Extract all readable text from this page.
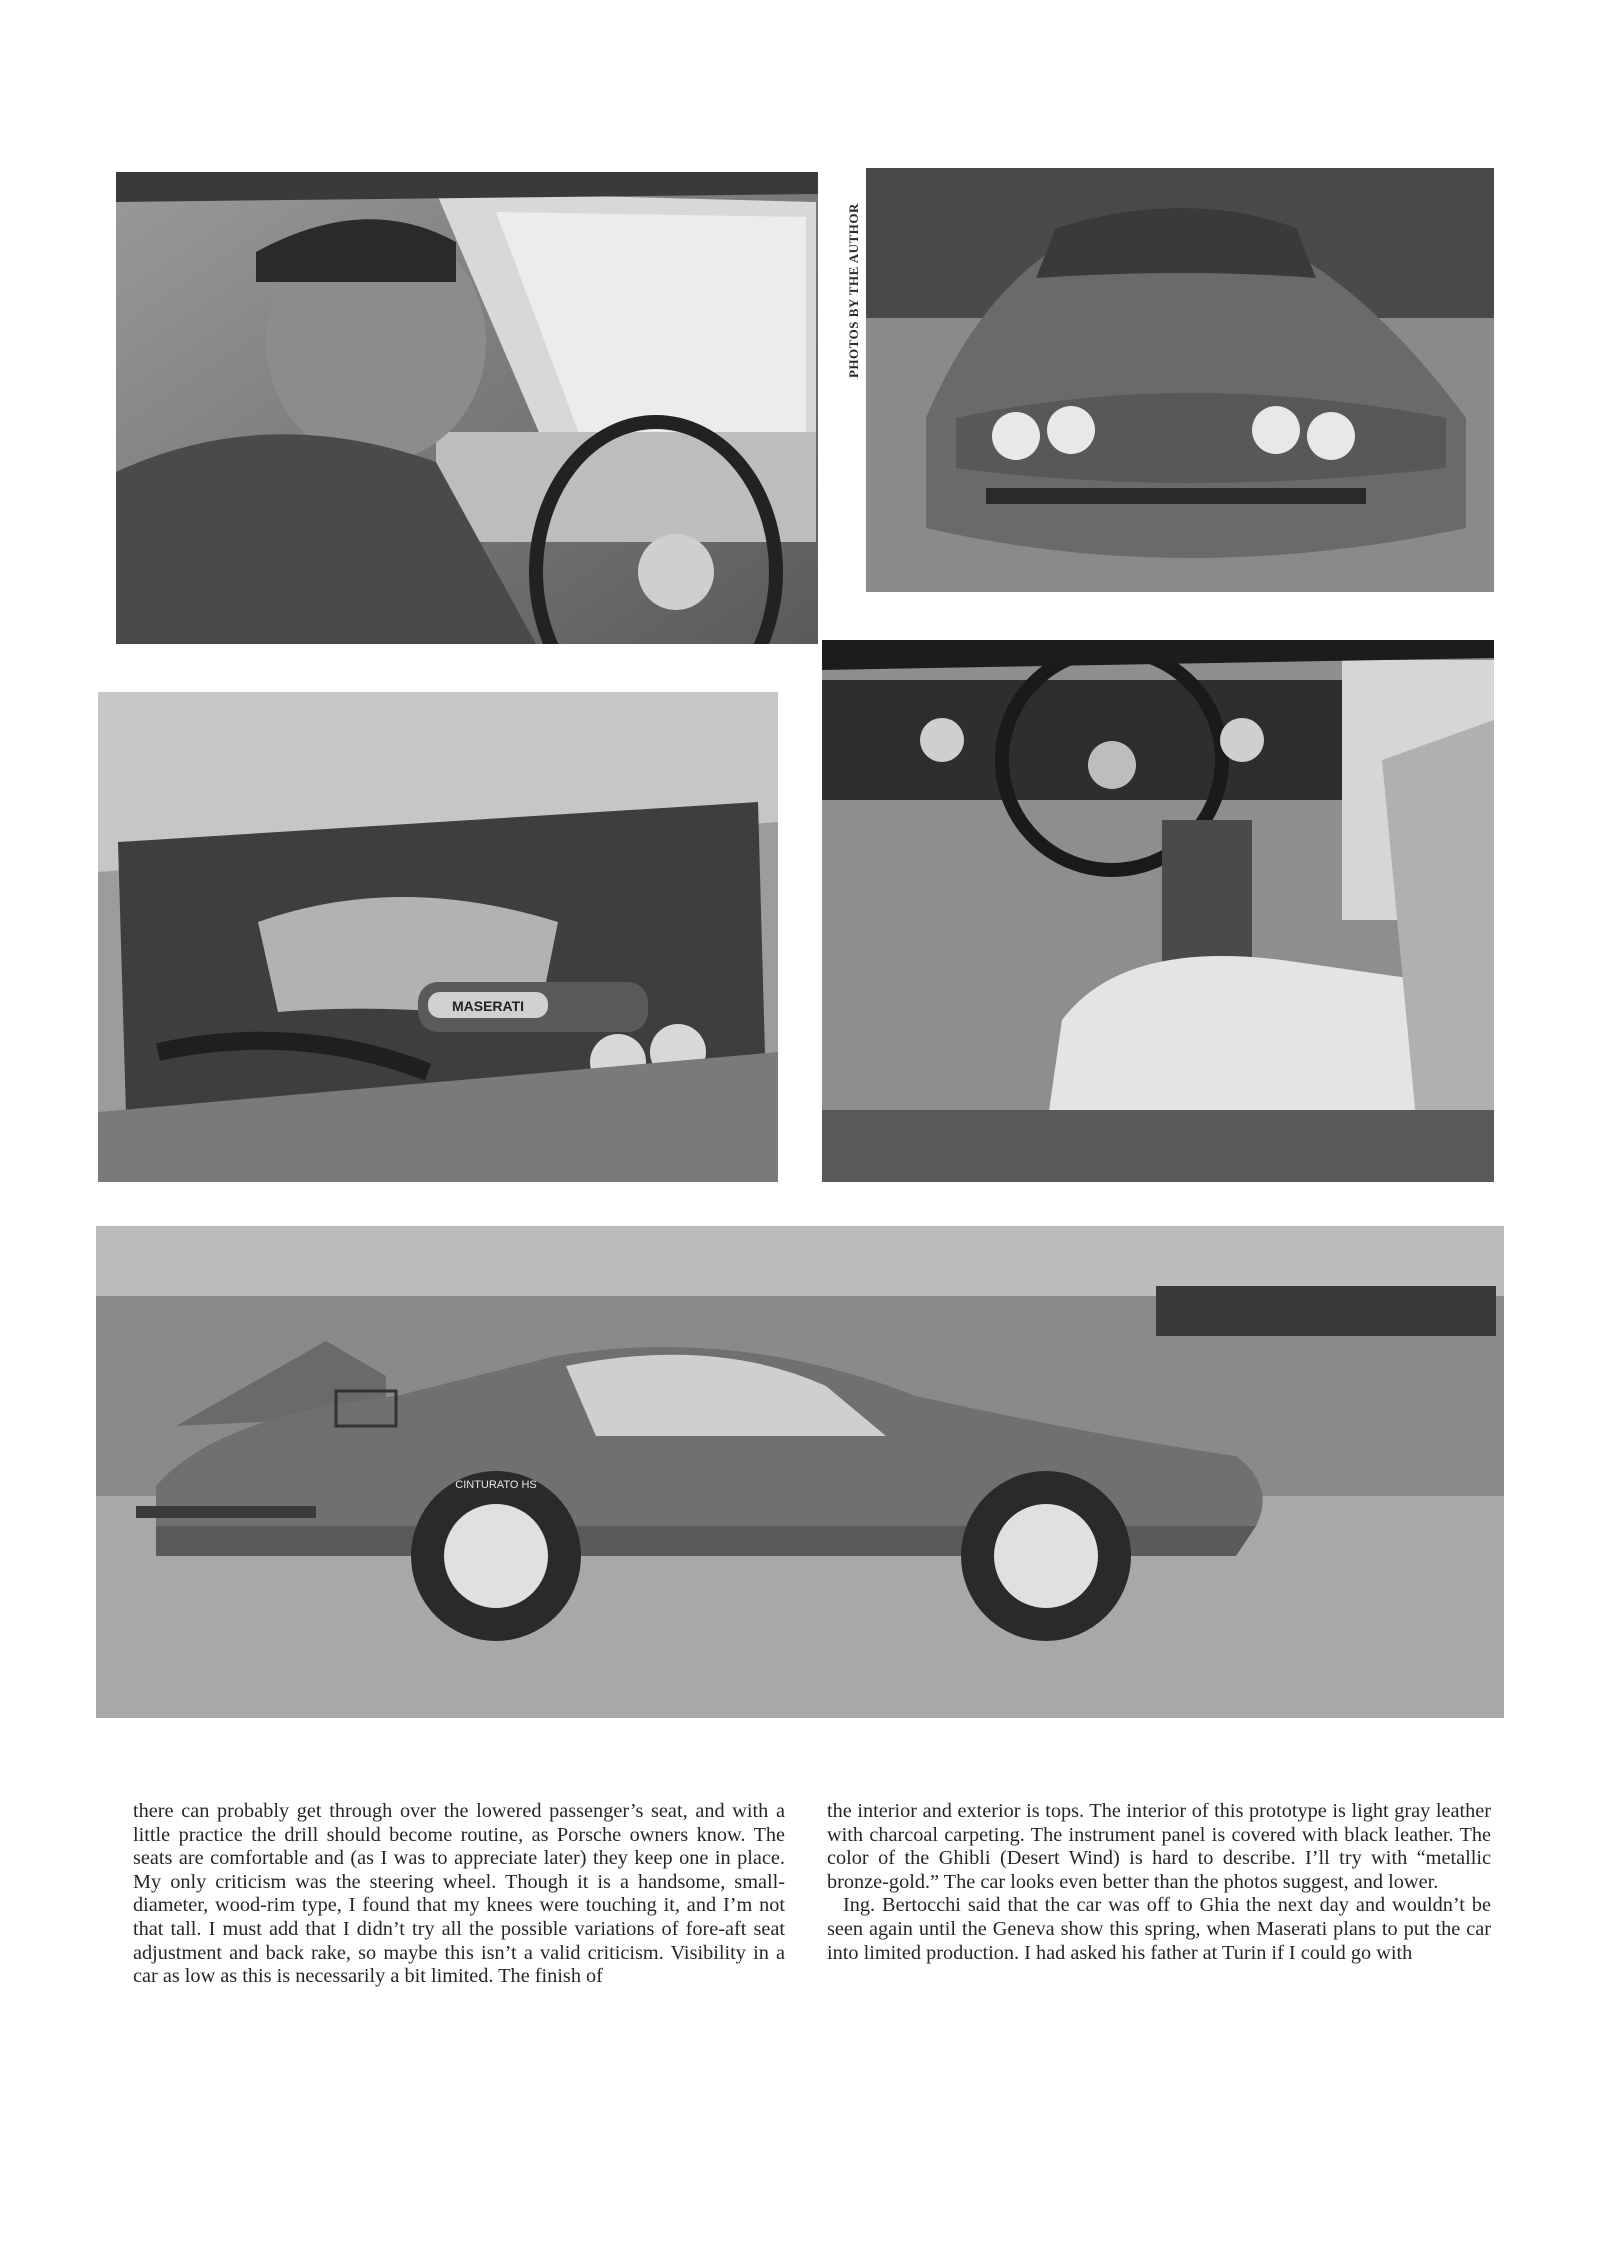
PHOTOS BY THE AUTHOR
MASERATI
CINTURATO HS

there can probably get through over the lowered passenger’s seat, and with a little practice the drill should become routine, as Porsche owners know. The seats are comfortable and (as I was to appreciate later) they keep one in place. My only criticism was the steering wheel. Though it is a handsome, small-diameter, wood-rim type, I found that my knees were touching it, and I’m not that tall. I must add that I didn’t try all the possible variations of fore-aft seat adjustment and back rake, so maybe this isn’t a valid criticism. Visibility in a car as low as this is necessarily a bit limited. The finish of

the interior and exterior is tops. The interior of this prototype is light gray leather with charcoal carpeting. The instrument panel is covered with black leather. The color of the Ghibli (Desert Wind) is hard to describe. I’ll try with “metallic bronze-gold.” The car looks even better than the photos suggest, and lower.

Ing. Bertocchi said that the car was off to Ghia the next day and wouldn’t be seen again until the Geneva show this spring, when Maserati plans to put the car into limited production. I had asked his father at Turin if I could go with
